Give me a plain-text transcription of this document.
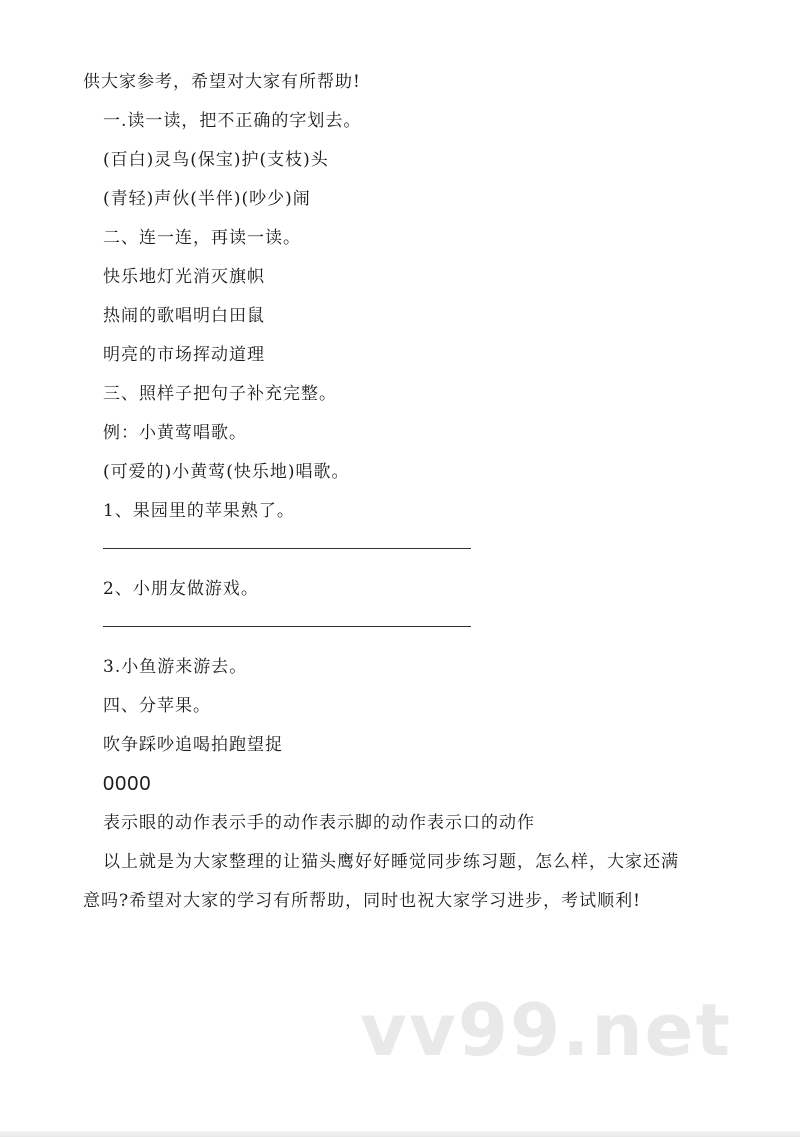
供大家参考，希望对大家有所帮助!
一.读一读，把不正确的字划去。
(百白)灵鸟(保宝)护(支枝)头
(青轻)声伙(半伴)(吵少)闹
二、连一连，再读一读。
快乐地灯光消灭旗帜
热闹的歌唱明白田鼠
明亮的市场挥动道理
三、照样子把句子补充完整。
例：小黄莺唱歌。
(可爱的)小黄莺(快乐地)唱歌。
1、果园里的苹果熟了。
2、小朋友做游戏。
3.小鱼游来游去。
四、分苹果。
吹争踩吵追喝拍跑望捉
0000
表示眼的动作表示手的动作表示脚的动作表示口的动作
以上就是为大家整理的让猫头鹰好好睡觉同步练习题，怎么样，大家还满
意吗?希望对大家的学习有所帮助，同时也祝大家学习进步，考试顺利!
vv99.net
